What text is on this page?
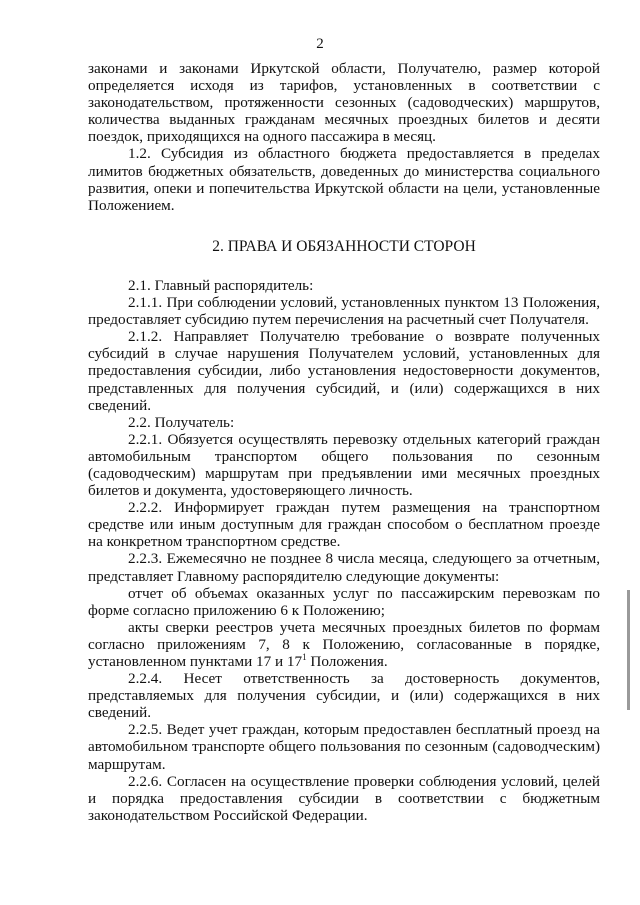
2

законами и законами Иркутской области, Получателю, размер которой определяется исходя из тарифов, установленных в соответствии с законодательством, протяженности сезонных (садоводческих) маршрутов, количества выданных гражданам месячных проездных билетов и десяти поездок, приходящихся на одного пассажира в месяц.

1.2. Субсидия из областного бюджета предоставляется в пределах лимитов бюджетных обязательств, доведенных до министерства социального развития, опеки и попечительства Иркутской области на цели, установленные Положением.

2. ПРАВА И ОБЯЗАННОСТИ СТОРОН

2.1. Главный распорядитель:

2.1.1. При соблюдении условий, установленных пунктом 13 Положения, предоставляет субсидию путем перечисления на расчетный счет Получателя.

2.1.2. Направляет Получателю требование о возврате полученных субсидий в случае нарушения Получателем условий, установленных для предоставления субсидии, либо установления недостоверности документов, представленных для получения субсидий, и (или) содержащихся в них сведений.

2.2. Получатель:

2.2.1. Обязуется осуществлять перевозку отдельных категорий граждан автомобильным транспортом общего пользования по сезонным (садоводческим) маршрутам при предъявлении ими месячных проездных билетов и документа, удостоверяющего личность.

2.2.2. Информирует граждан путем размещения на транспортном средстве или иным доступным для граждан способом о бесплатном проезде на конкретном транспортном средстве.

2.2.3. Ежемесячно не позднее 8 числа месяца, следующего за отчетным, представляет Главному распорядителю следующие документы:

отчет об объемах оказанных услуг по пассажирским перевозкам по форме согласно приложению 6 к Положению;

акты сверки реестров учета месячных проездных билетов по формам согласно приложениям 7, 8 к Положению, согласованные в порядке, установленном пунктами 17 и $17^1$ Положения.

2.2.4. Несет ответственность за достоверность документов, представляемых для получения субсидии, и (или) содержащихся в них сведений.

2.2.5. Ведет учет граждан, которым предоставлен бесплатный проезд на автомобильном транспорте общего пользования по сезонным (садоводческим) маршрутам.

2.2.6. Согласен на осуществление проверки соблюдения условий, целей и порядка предоставления субсидии в соответствии с бюджетным законодательством Российской Федерации.
